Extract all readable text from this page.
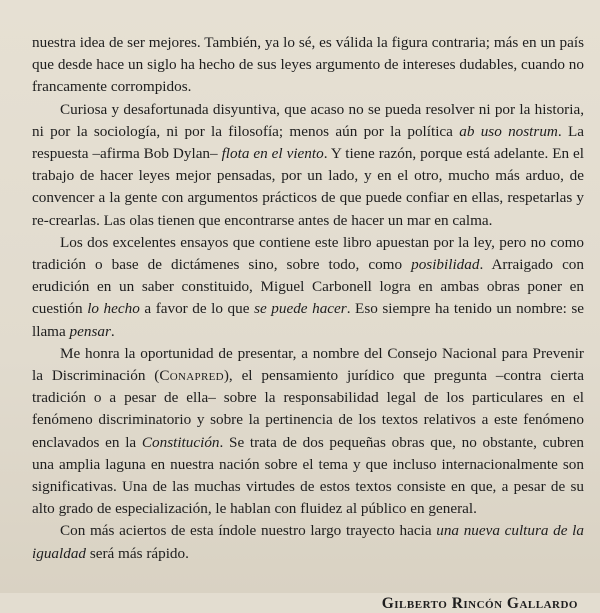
nuestra idea de ser mejores. También, ya lo sé, es válida la figura contraria; más en un país que desde hace un siglo ha hecho de sus leyes argumento de intereses dudables, cuando no francamente corrompidos.

Curiosa y desafortunada disyuntiva, que acaso no se pueda resolver ni por la historia, ni por la sociología, ni por la filosofía; menos aún por la política ab uso nostrum. La respuesta –afirma Bob Dylan– flota en el viento. Y tiene razón, porque está adelante. En el trabajo de hacer leyes mejor pensadas, por un lado, y en el otro, mucho más arduo, de convencer a la gente con argumentos prácticos de que puede confiar en ellas, respetarlas y re-crearlas. Las olas tienen que encontrarse antes de hacer un mar en calma.

Los dos excelentes ensayos que contiene este libro apuestan por la ley, pero no como tradición o base de dictámenes sino, sobre todo, como posibilidad. Arraigado con erudición en un saber constituido, Miguel Carbonell logra en ambas obras poner en cuestión lo hecho a favor de lo que se puede hacer. Eso siempre ha tenido un nombre: se llama pensar.

Me honra la oportunidad de presentar, a nombre del Consejo Nacional para Prevenir la Discriminación (Conapred), el pensamiento jurídico que pregunta –contra cierta tradición o a pesar de ella– sobre la responsabilidad legal de los particulares en el fenómeno discriminatorio y sobre la pertinencia de los textos relativos a este fenómeno enclavados en la Constitución. Se trata de dos pequeñas obras que, no obstante, cubren una amplia laguna en nuestra nación sobre el tema y que incluso internacionalmente son significativas. Una de las muchas virtudes de estos textos consiste en que, a pesar de su alto grado de especialización, le hablan con fluidez al público en general.

Con más aciertos de esta índole nuestro largo trayecto hacia una nueva cultura de la igualdad será más rápido.

Gilberto Rincón Gallardo
